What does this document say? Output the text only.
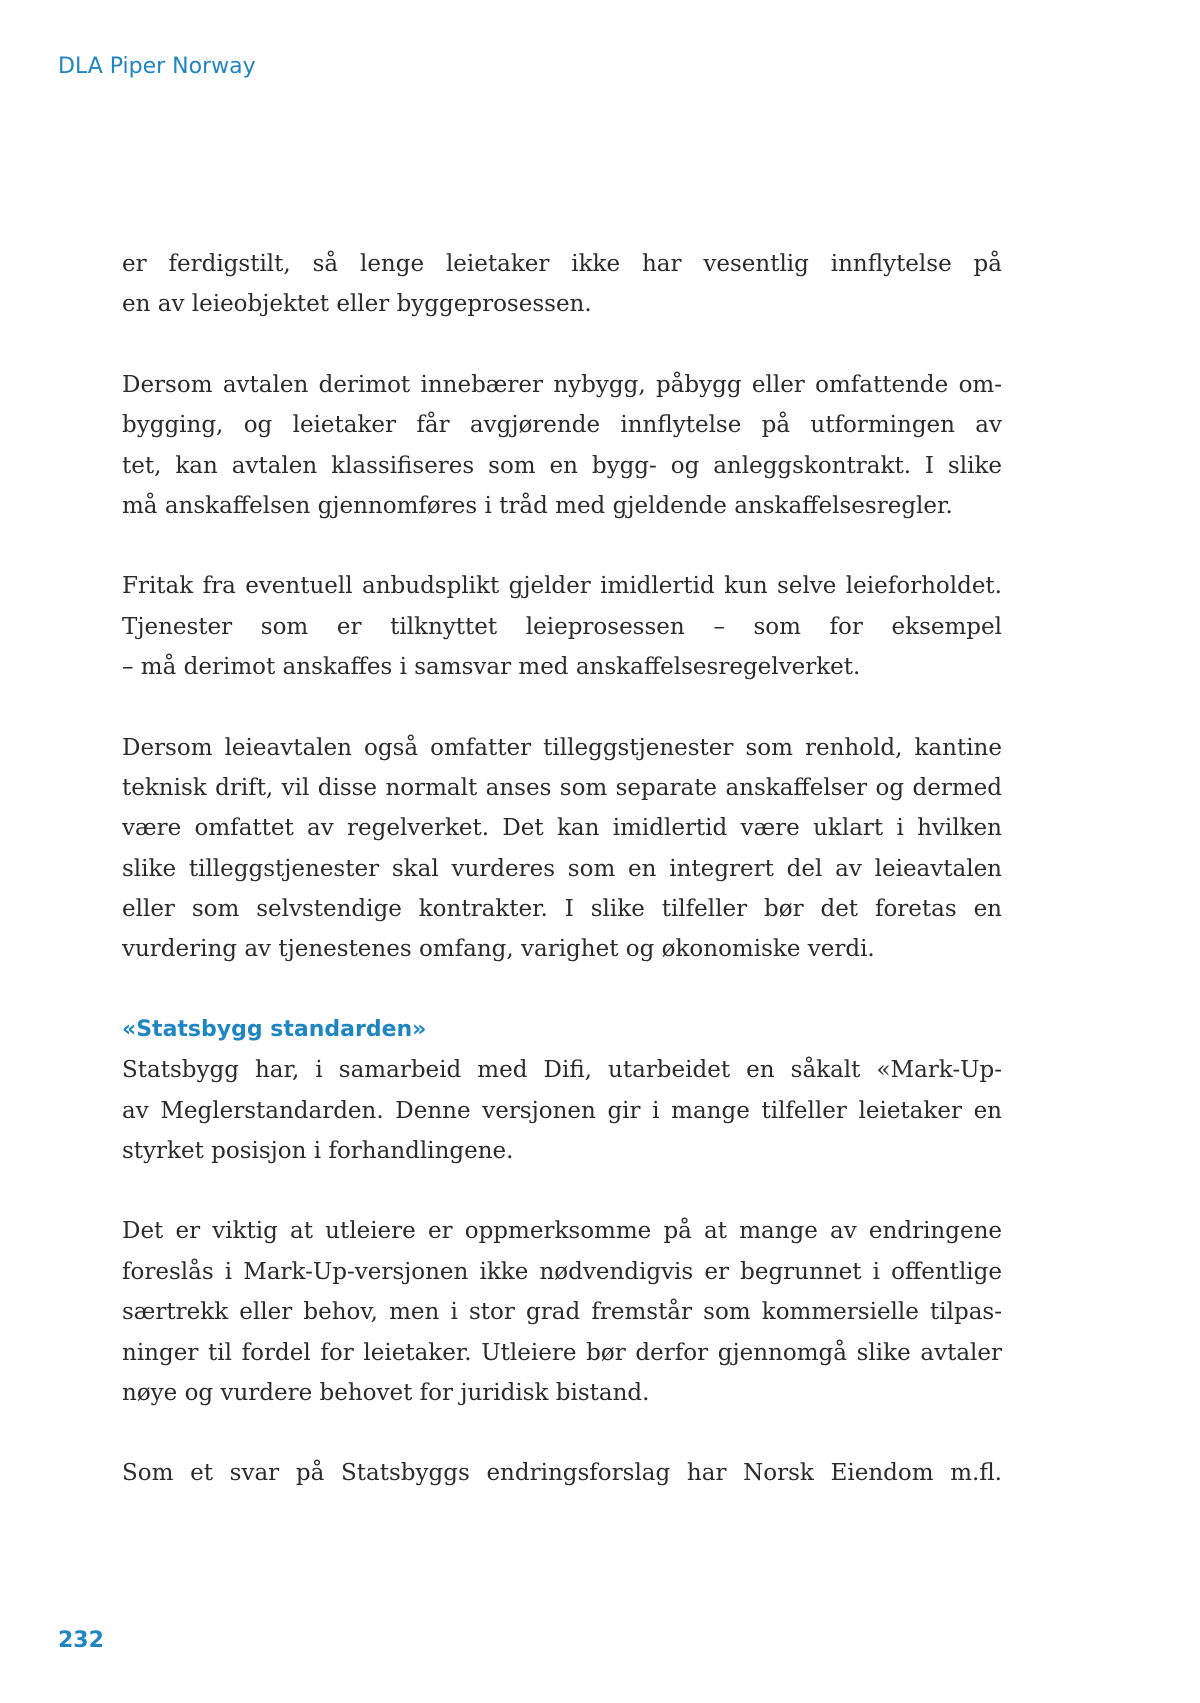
DLA Piper Norway

er ferdigstilt, så lenge leietaker ikke har vesentlig innflytelse på
en av leieobjektet eller byggeprosessen.
Dersom avtalen derimot innebærer nybygg, påbygg eller omfattende om-
bygging, og leietaker får avgjørende innflytelse på utformingen av
tet, kan avtalen klassifiseres som en bygg- og anleggskontrakt. I slike
må anskaffelsen gjennomføres i tråd med gjeldende anskaffelsesregler.
Fritak fra eventuell anbudsplikt gjelder imidlertid kun selve leieforholdet.
Tjenester som er tilknyttet leieprosessen – som for eksempel
– må derimot anskaffes i samsvar med anskaffelsesregelverket.
Dersom leieavtalen også omfatter tilleggstjenester som renhold, kantine
teknisk drift, vil disse normalt anses som separate anskaffelser og dermed
være omfattet av regelverket. Det kan imidlertid være uklart i hvilken
slike tilleggstjenester skal vurderes som en integrert del av leieavtalen
eller som selvstendige kontrakter. I slike tilfeller bør det foretas en
vurdering av tjenestenes omfang, varighet og økonomiske verdi.
«Statsbygg standarden»
Statsbygg har, i samarbeid med Difi, utarbeidet en såkalt «Mark-Up-
av Meglerstandarden. Denne versjonen gir i mange tilfeller leietaker en
styrket posisjon i forhandlingene.
Det er viktig at utleiere er oppmerksomme på at mange av endringene
foreslås i Mark-Up-versjonen ikke nødvendigvis er begrunnet i offentlige
særtrekk eller behov, men i stor grad fremstår som kommersielle tilpas-
ninger til fordel for leietaker. Utleiere bør derfor gjennomgå slike avtaler
nøye og vurdere behovet for juridisk bistand.
Som et svar på Statsbyggs endringsforslag har Norsk Eiendom m.fl.

232
